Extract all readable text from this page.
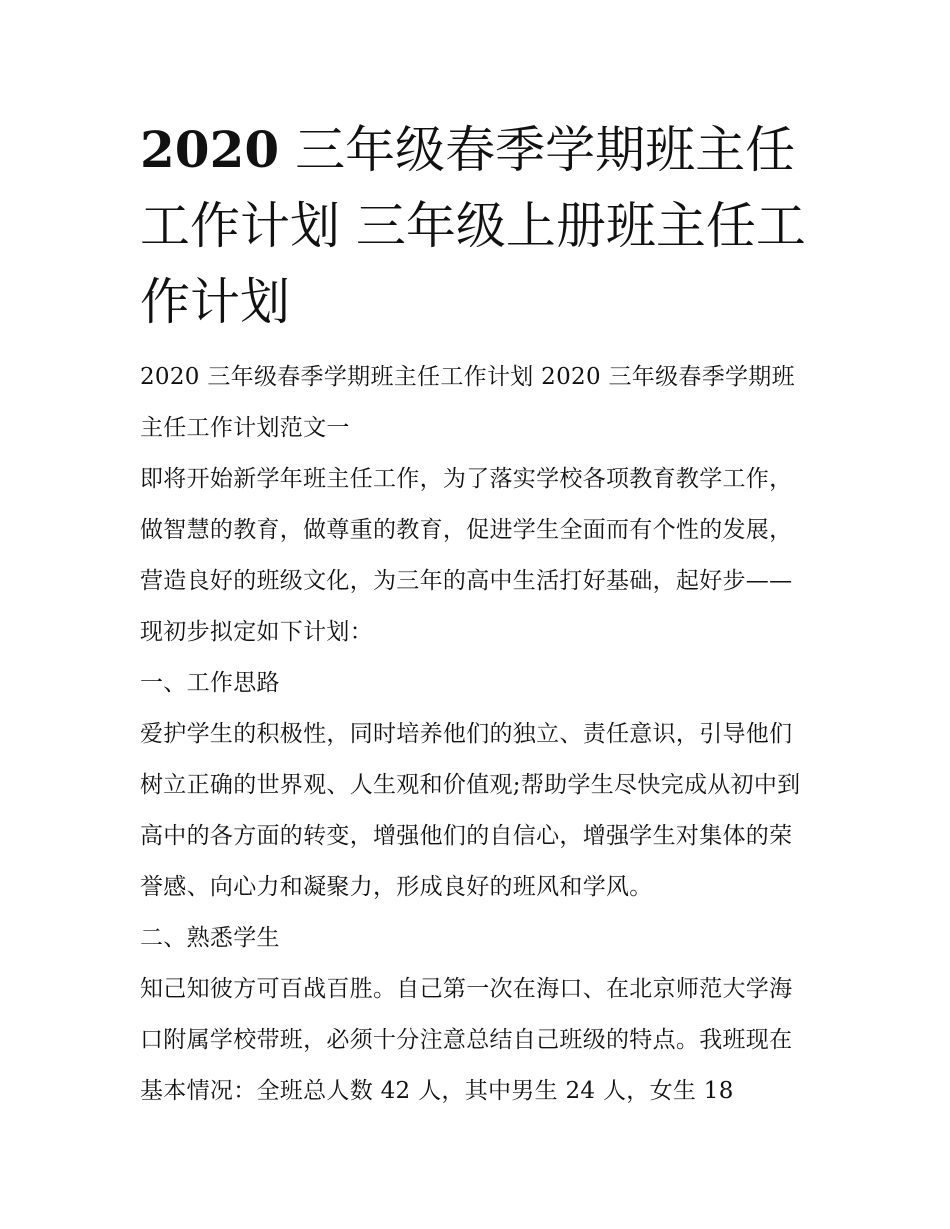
2020 三年级春季学期班主任工作计划 三年级上册班主任工作计划

2020 三年级春季学期班主任工作计划 2020 三年级春季学期班主任工作计划范文一

即将开始新学年班主任工作，为了落实学校各项教育教学工作，做智慧的教育，做尊重的教育，促进学生全面而有个性的发展，营造良好的班级文化，为三年的高中生活打好基础，起好步——现初步拟定如下计划：

一、工作思路

爱护学生的积极性，同时培养他们的独立、责任意识，引导他们树立正确的世界观、人生观和价值观;帮助学生尽快完成从初中到高中的各方面的转变，增强他们的自信心，增强学生对集体的荣誉感、向心力和凝聚力，形成良好的班风和学风。

二、熟悉学生

知己知彼方可百战百胜。自己第一次在海口、在北京师范大学海口附属学校带班，必须十分注意总结自己班级的特点。我班现在基本情况：全班总人数 42 人，其中男生 24 人，女生 18
